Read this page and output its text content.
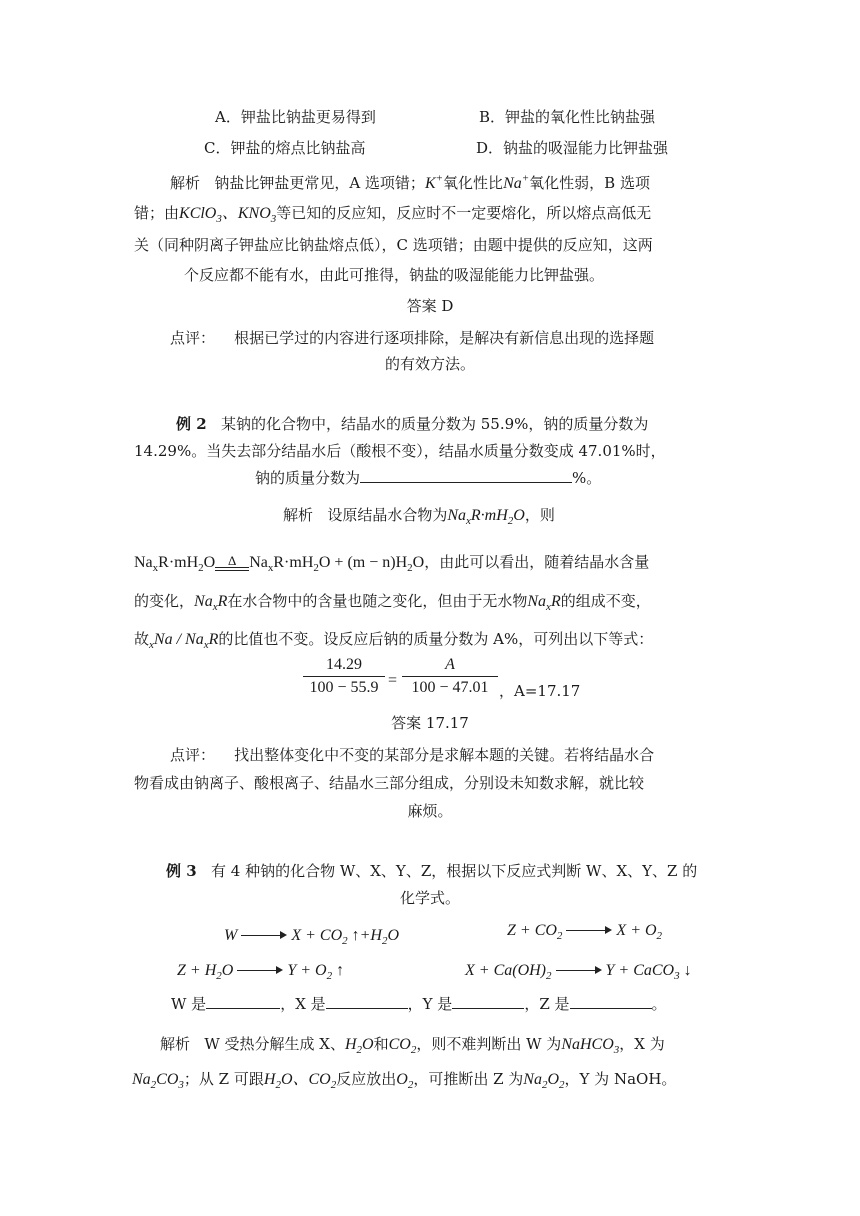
A．钾盐比钠盐更易得到	B．钾盐的氧化性比钠盐强
C．钾盐的熔点比钠盐高	D．钠盐的吸湿能力比钾盐强
解析 钠盐比钾盐更常见，A 选项错；K+氧化性比Na+氧化性弱，B 选项
错；由KClO$_3$、$KNO_3$等已知的反应知，反应时不一定要熔化，所以熔点高低无
关（同种阴离子钾盐应比钠盐熔点低），C 选项错；由题中提供的反应知，这两
个反应都不能有水，由此可推得，钠盐的吸湿能能力比钾盐强。
答案 D
点评： 根据已学过的内容进行逐项排除，是解决有新信息出现的选择题
的有效方法。
例 2 某钠的化合物中，结晶水的质量分数为 55.9%，钠的质量分数为
14.29%。当失去部分结晶水后（酸根不变），结晶水质量分数变成 47.01%时，
钠的质量分数为	%。
解析 设原结晶水合物为$Na_xR\cdot mH_2O$，则
$Na_xR\cdot mH_2O$ Δ $Na_xR\cdot mH_2O + (m - n)H_2O$，由此可以看出，随着结晶水含量
的变化，$Na_xR$在水合物中的含量也随之变化，但由于无水物$Na_xR$的组成不变，
故$_xNa / Na_xR$的比值也不变。设反应后钠的质量分数为 A%，可列出以下等式：
14.29
100 − 55.9 =
A
100 − 47.01 ，A=17.17
答案 17.17
点评： 找出整体变化中不变的某部分是求解本题的关键。若将结晶水合
物看成由钠离子、酸根离子、结晶水三部分组成，分别设未知数求解，就比较
麻烦。
例 3 有 4 种钠的化合物 W、X、Y、Z，根据以下反应式判断 W、X、Y、Z 的
化学式。
W	$X + CO_2$ $↑+H_2O$	$Z + CO_2$	$X + O_2$
$Z + H_2O$	$Y + O_2$ ↑	$X + Ca(OH)_2$	Y + CaCO$_3$ ↓
W 是	，X 是	，Y 是	，Z 是	。
解析 W 受热分解生成 X、$H_2O$和$CO_2$，则不难判断出 W 为NaHCO$_3$，X 为
$Na_2CO_3$；从 Z 可跟$H_2O$、$CO_2$反应放出$O_2$，可推断出 Z 为$Na_2O_2$，Y 为 NaOH。
